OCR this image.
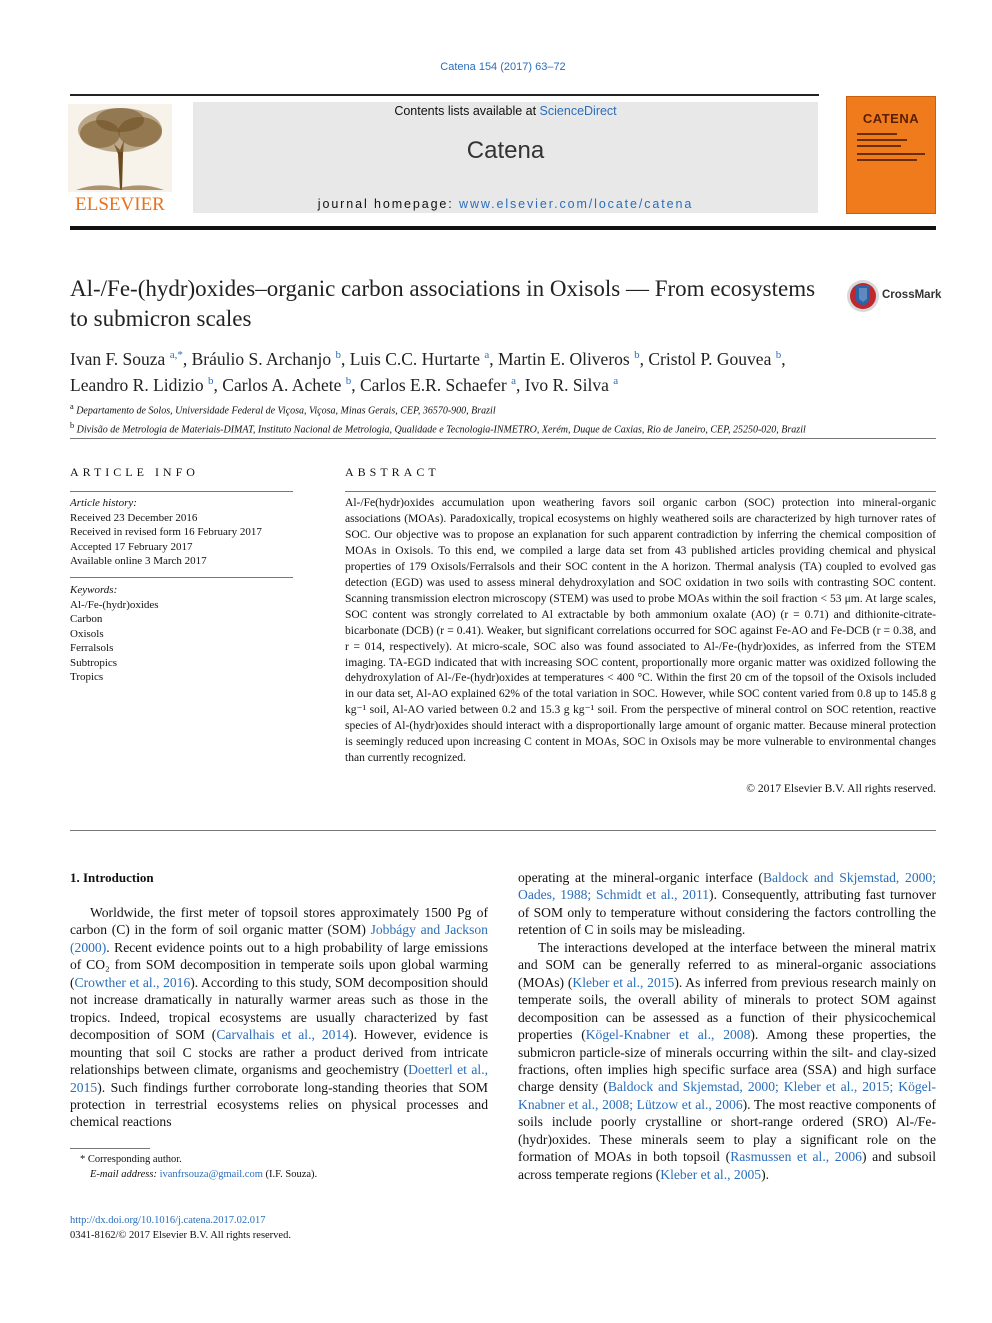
Catena 154 (2017) 63–72
ELSEVIER
Contents lists available at ScienceDirect
Catena
journal homepage: www.elsevier.com/locate/catena
CATENA
Al-/Fe-(hydr)oxides–organic carbon associations in Oxisols — From ecosystems to submicron scales
CrossMark
Ivan F. Souza $^{a,*}$, Bráulio S. Archanjo $^b$, Luis C.C. Hurtarte $^a$, Martin E. Oliveros $^b$, Cristol P. Gouvea $^b$,
Leandro R. Lidizio $^b$, Carlos A. Achete $^b$, Carlos E.R. Schaefer $^a$, Ivo R. Silva $^a$
$^a$ Departamento de Solos, Universidade Federal de Viçosa, Viçosa, Minas Gerais, CEP, 36570-900, Brazil
$^b$ Divisão de Metrologia de Materiais-DIMAT, Instituto Nacional de Metrologia, Qualidade e Tecnologia-INMETRO, Xerém, Duque de Caxias, Rio de Janeiro, CEP, 25250-020, Brazil
ARTICLE INFO	ABSTRACT
Article history:
Received 23 December 2016
Received in revised form 16 February 2017
Accepted 17 February 2017
Available online 3 March 2017
Keywords:
Al-/Fe-(hydr)oxides
Carbon
Oxisols
Ferralsols
Subtropics
Tropics
Al-/Fe(hydr)oxides accumulation upon weathering favors soil organic carbon (SOC) protection into mineral-organic associations (MOAs). Paradoxically, tropical ecosystems on highly weathered soils are characterized by high turnover rates of SOC. Our objective was to propose an explanation for such apparent contradiction by inferring the chemical composition of MOAs in Oxisols. To this end, we compiled a large data set from 43 published articles providing chemical and physical properties of 179 Oxisols/Ferralsols and their SOC content in the A horizon. Thermal analysis (TA) coupled to evolved gas detection (EGD) was used to assess mineral dehydroxylation and SOC oxidation in two soils with contrasting SOC content. Scanning transmission electron microscopy (STEM) was used to probe MOAs within the soil fraction < 53 μm. At large scales, SOC content was strongly correlated to Al extractable by both ammonium oxalate (AO) (r = 0.71) and dithionite-citrate-bicarbonate (DCB) (r = 0.41). Weaker, but significant correlations occurred for SOC against Fe-AO and Fe-DCB (r = 0.38, and r = 014, respectively). At micro-scale, SOC also was found associated to Al-/Fe-(hydr)oxides, as inferred from the STEM imaging. TA-EGD indicated that with increasing SOC content, proportionally more organic matter was oxidized following the dehydroxylation of Al-/Fe-(hydr)oxides at temperatures < 400 °C. Within the first 20 cm of the topsoil of the Oxisols included in our data set, Al-AO explained 62% of the total variation in SOC. However, while SOC content varied from 0.8 up to 145.8 g kg⁻¹ soil, Al-AO varied between 0.2 and 15.3 g kg⁻¹ soil. From the perspective of mineral control on SOC retention, reactive species of Al-(hydr)oxides should interact with a disproportionally large amount of organic matter. Because mineral protection is seemingly reduced upon increasing C content in MOAs, SOC in Oxisols may be more vulnerable to environmental changes than currently recognized.
© 2017 Elsevier B.V. All rights reserved.
1. Introduction

Worldwide, the first meter of topsoil stores approximately 1500 Pg of carbon (C) in the form of soil organic matter (SOM) Jobbágy and Jackson (2000). Recent evidence points out to a high probability of large emissions of CO₂ from SOM decomposition in temperate soils upon global warming (Crowther et al., 2016). According to this study, SOM decomposition should not increase dramatically in naturally warmer areas such as those in the tropics. Indeed, tropical ecosystems are usually characterized by fast decomposition of SOM (Carvalhais et al., 2014). However, evidence is mounting that soil C stocks are rather a product derived from intricate relationships between climate, organisms and geochemistry (Doetterl et al., 2015). Such findings further corroborate long-standing theories that SOM protection in terrestrial ecosystems relies on physical processes and chemical reactions

operating at the mineral-organic interface (Baldock and Skjemstad, 2000; Oades, 1988; Schmidt et al., 2011). Consequently, attributing fast turnover of SOM only to temperature without considering the factors controlling the retention of C in soils may be misleading.

The interactions developed at the interface between the mineral matrix and SOM can be generally referred to as mineral-organic associations (MOAs) (Kleber et al., 2015). As inferred from previous research mainly on temperate soils, the overall ability of minerals to protect SOM against decomposition can be assessed as a function of their physicochemical properties (Kögel-Knabner et al., 2008). Among these properties, the submicron particle-size of minerals occurring within the silt- and clay-sized fractions, often implies high specific surface area (SSA) and high surface charge density (Baldock and Skjemstad, 2000; Kleber et al., 2015; Kögel-Knabner et al., 2008; Lützow et al., 2006). The most reactive components of soils include poorly crystalline or short-range ordered (SRO) Al-/Fe-(hydr)oxides. These minerals seem to play a significant role on the formation of MOAs in both topsoil (Rasmussen et al., 2006) and subsoil across temperate regions (Kleber et al., 2005).

* Corresponding author.
E-mail address: ivanfrsouza@gmail.com (I.F. Souza).
http://dx.doi.org/10.1016/j.catena.2017.02.017
0341-8162/© 2017 Elsevier B.V. All rights reserved.
